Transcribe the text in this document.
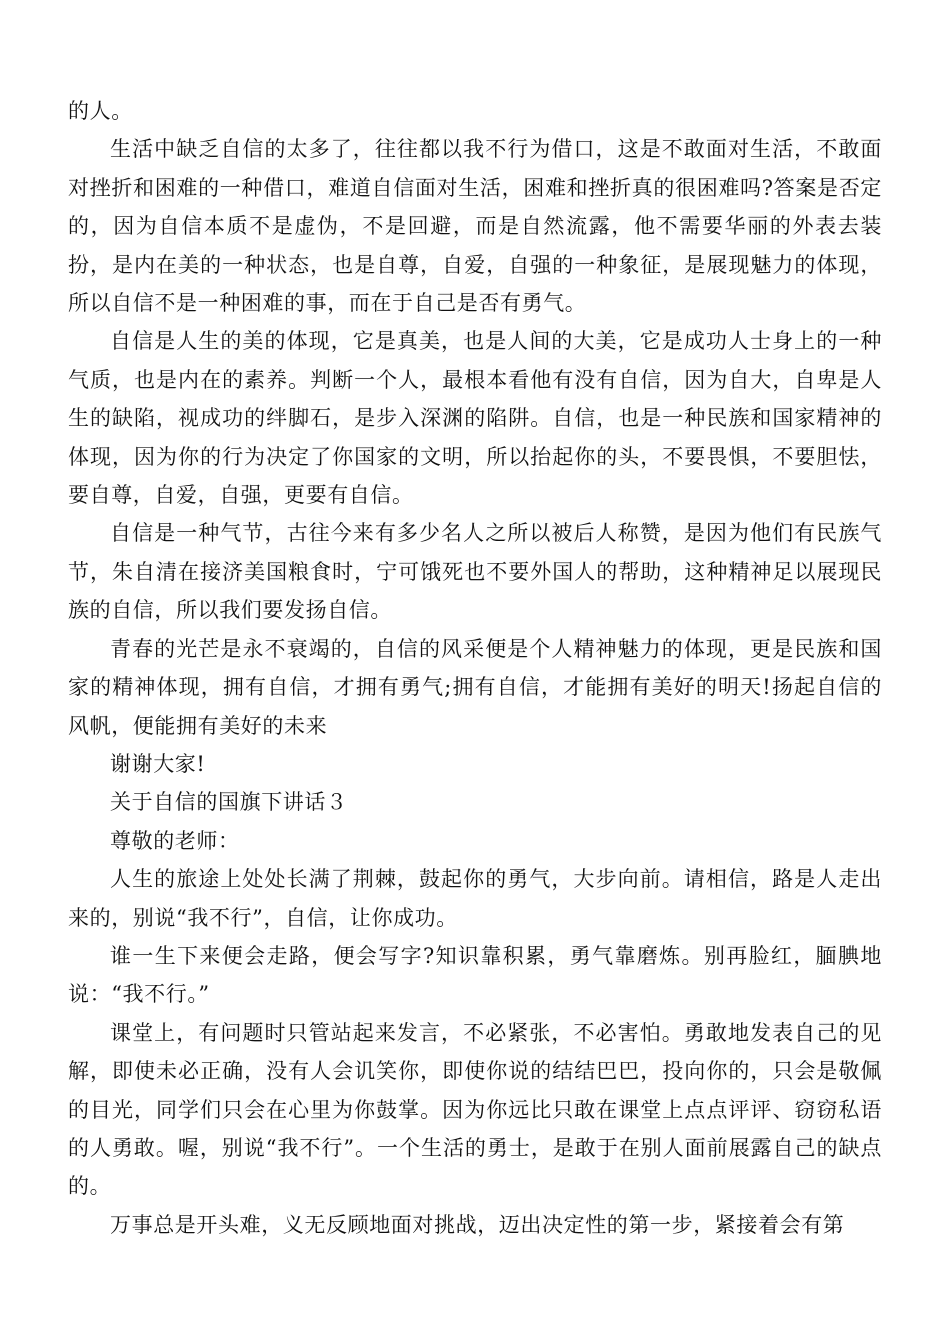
的人。

生活中缺乏自信的太多了，往往都以我不行为借口，这是不敢面对生活，不敢面对挫折和困难的一种借口，难道自信面对生活，困难和挫折真的很困难吗?答案是否定的，因为自信本质不是虚伪，不是回避，而是自然流露，他不需要华丽的外表去装扮，是内在美的一种状态，也是自尊，自爱，自强的一种象征，是展现魅力的体现，所以自信不是一种困难的事，而在于自己是否有勇气。

自信是人生的美的体现，它是真美，也是人间的大美，它是成功人士身上的一种气质，也是内在的素养。判断一个人，最根本看他有没有自信，因为自大，自卑是人生的缺陷，视成功的绊脚石，是步入深渊的陷阱。自信，也是一种民族和国家精神的体现，因为你的行为决定了你国家的文明，所以抬起你的头，不要畏惧，不要胆怯，要自尊，自爱，自强，更要有自信。

自信是一种气节，古往今来有多少名人之所以被后人称赞，是因为他们有民族气节，朱自清在接济美国粮食时，宁可饿死也不要外国人的帮助，这种精神足以展现民族的自信，所以我们要发扬自信。

青春的光芒是永不衰竭的，自信的风采便是个人精神魅力的体现，更是民族和国家的精神体现，拥有自信，才拥有勇气;拥有自信，才能拥有美好的明天!扬起自信的风帆，便能拥有美好的未来

谢谢大家!

关于自信的国旗下讲话３

尊敬的老师：

人生的旅途上处处长满了荆棘，鼓起你的勇气，大步向前。请相信，路是人走出来的，别说“我不行”，自信，让你成功。

谁一生下来便会走路，便会写字?知识靠积累，勇气靠磨炼。别再脸红，腼腆地说：“我不行。”

课堂上，有问题时只管站起来发言，不必紧张，不必害怕。勇敢地发表自己的见解，即使未必正确，没有人会讥笑你，即使你说的结结巴巴，投向你的，只会是敬佩的目光，同学们只会在心里为你鼓掌。因为你远比只敢在课堂上点点评评、窃窃私语的人勇敢。喔，别说“我不行”。一个生活的勇士，是敢于在别人面前展露自己的缺点的。

万事总是开头难，义无反顾地面对挑战，迈出决定性的第一步，紧接着会有第
